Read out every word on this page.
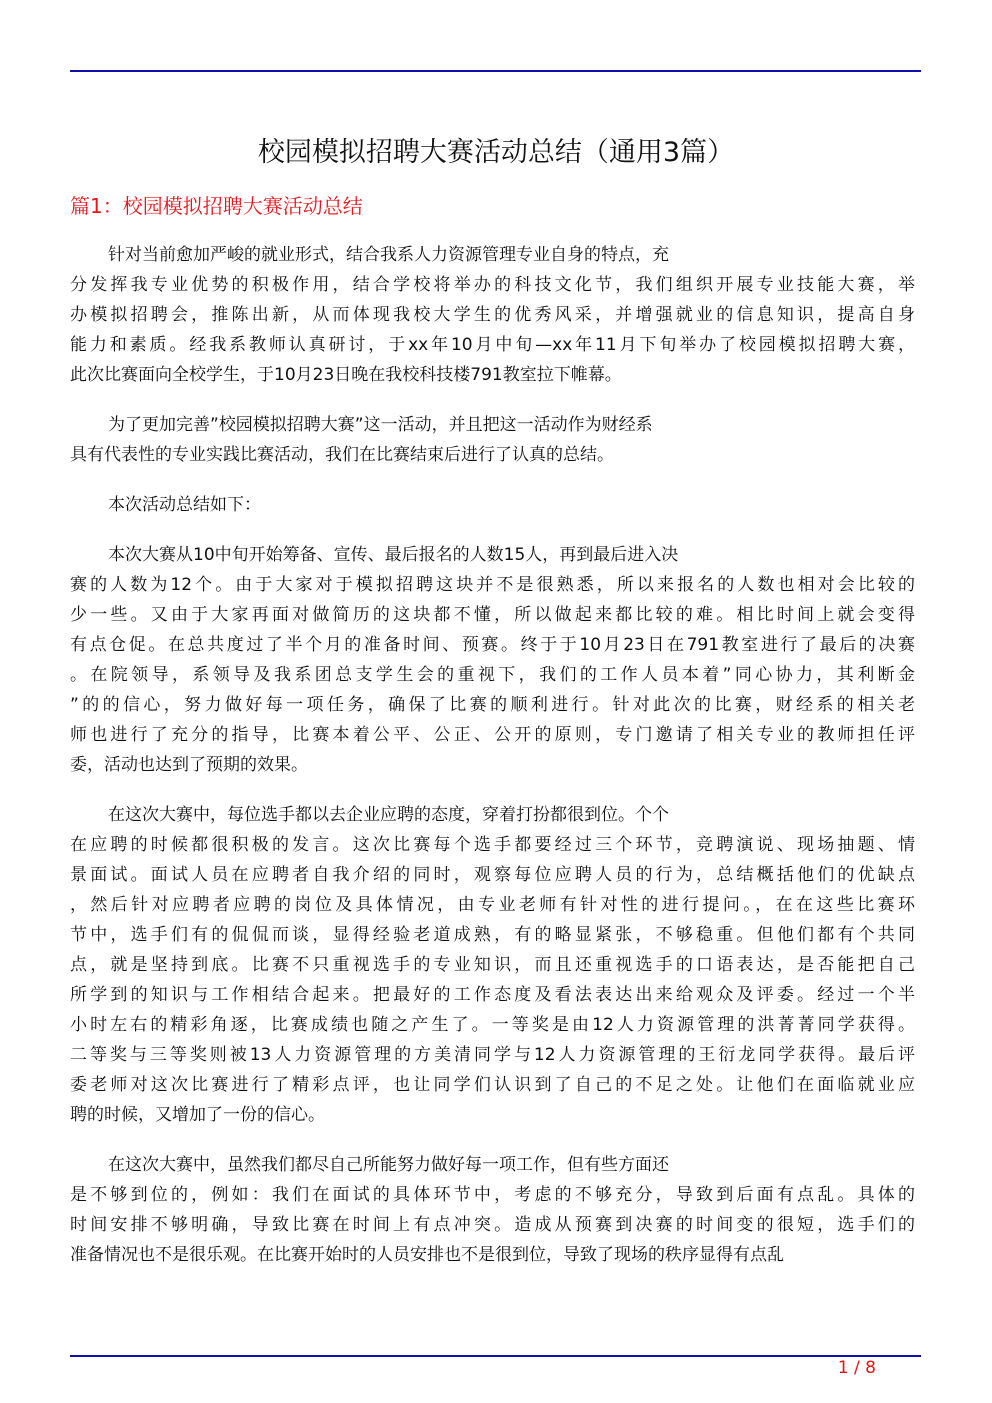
校园模拟招聘大赛活动总结（通用3篇）
篇1：校园模拟招聘大赛活动总结
针对当前愈加严峻的就业形式，结合我系人力资源管理专业自身的特点，充
分发挥我专业优势的积极作用，结合学校将举办的科技文化节，我们组织开展专业技能大赛，举
办模拟招聘会，推陈出新，从而体现我校大学生的优秀风采，并增强就业的信息知识，提高自身
能力和素质。经我系教师认真研讨，于xx年10月中旬—xx年11月下旬举办了校园模拟招聘大赛，
此次比赛面向全校学生，于10月23日晚在我校科技楼791教室拉下帷幕。
为了更加完善”校园模拟招聘大赛”这一活动，并且把这一活动作为财经系
具有代表性的专业实践比赛活动，我们在比赛结束后进行了认真的总结。
本次活动总结如下：
本次大赛从10中旬开始筹备、宣传、最后报名的人数15人，再到最后进入决
赛的人数为12个。由于大家对于模拟招聘这块并不是很熟悉，所以来报名的人数也相对会比较的
少一些。又由于大家再面对做简历的这块都不懂，所以做起来都比较的难。相比时间上就会变得
有点仓促。在总共度过了半个月的准备时间、预赛。终于于10月23日在791教室进行了最后的决赛
。在院领导，系领导及我系团总支学生会的重视下，我们的工作人员本着”同心协力，其利断金
”的的信心，努力做好每一项任务，确保了比赛的顺利进行。针对此次的比赛，财经系的相关老
师也进行了充分的指导，比赛本着公平、公正、公开的原则，专门邀请了相关专业的教师担任评
委，活动也达到了预期的效果。
在这次大赛中，每位选手都以去企业应聘的态度，穿着打扮都很到位。个个
在应聘的时候都很积极的发言。这次比赛每个选手都要经过三个环节，竞聘演说、现场抽题、情
景面试。面试人员在应聘者自我介绍的同时，观察每位应聘人员的行为，总结概括他们的优缺点
，然后针对应聘者应聘的岗位及具体情况，由专业老师有针对性的进行提问。，在在这些比赛环
节中，选手们有的侃侃而谈，显得经验老道成熟，有的略显紧张，不够稳重。但他们都有个共同
点，就是坚持到底。比赛不只重视选手的专业知识，而且还重视选手的口语表达，是否能把自己
所学到的知识与工作相结合起来。把最好的工作态度及看法表达出来给观众及评委。经过一个半
小时左右的精彩角逐，比赛成绩也随之产生了。一等奖是由12人力资源管理的洪菁菁同学获得。
二等奖与三等奖则被13人力资源管理的方美清同学与12人力资源管理的王衍龙同学获得。最后评
委老师对这次比赛进行了精彩点评，也让同学们认识到了自己的不足之处。让他们在面临就业应
聘的时候，又增加了一份的信心。
在这次大赛中，虽然我们都尽自己所能努力做好每一项工作，但有些方面还
是不够到位的，例如：我们在面试的具体环节中，考虑的不够充分，导致到后面有点乱。具体的
时间安排不够明确，导致比赛在时间上有点冲突。造成从预赛到决赛的时间变的很短，选手们的
准备情况也不是很乐观。在比赛开始时的人员安排也不是很到位，导致了现场的秩序显得有点乱
1 / 8
